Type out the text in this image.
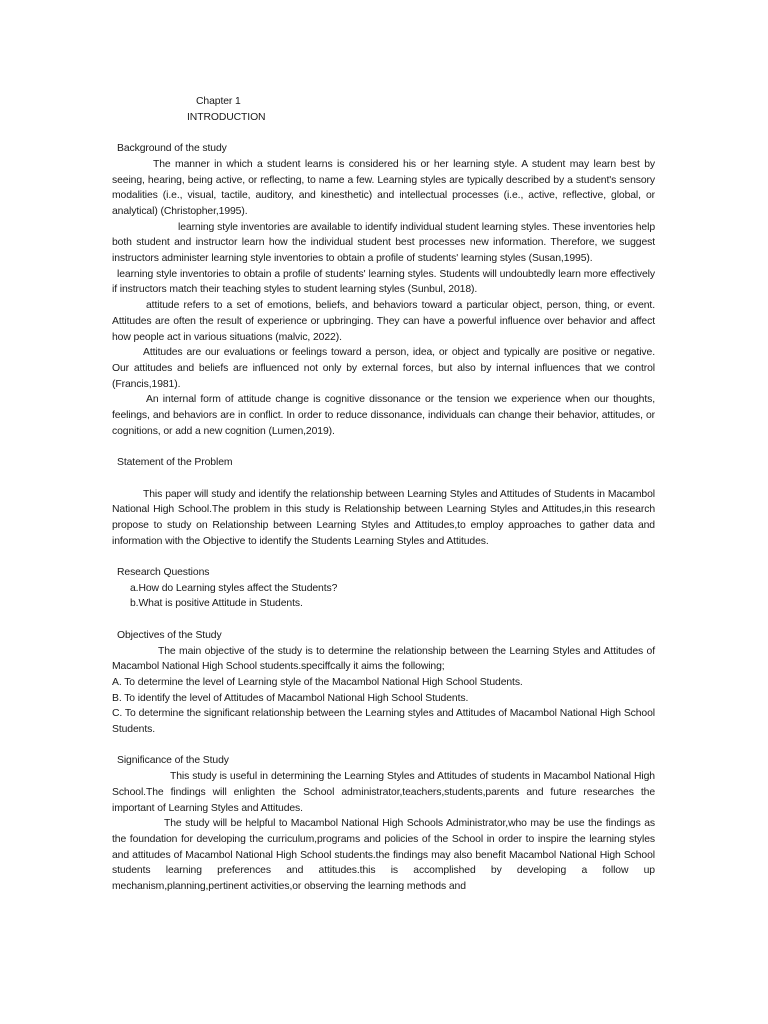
Chapter 1

INTRODUCTION

Background of the study

The manner in which a student learns is considered his or her learning style. A student may learn best by seeing, hearing, being active, or reflecting, to name a few. Learning styles are typically described by a student's sensory modalities (i.e., visual, tactile, auditory, and kinesthetic) and intellectual processes (i.e., active, reflective, global, or analytical) (Christopher,1995).

learning style inventories are available to identify individual student learning styles. These inventories help both student and instructor learn how the individual student best processes new information. Therefore, we suggest instructors administer learning style inventories to obtain a profile of students' learning styles (Susan,1995).

learning style inventories to obtain a profile of students' learning styles. Students will undoubtedly learn more effectively if instructors match their teaching styles to student learning styles (Sunbul, 2018).

attitude refers to a set of emotions, beliefs, and behaviors toward a particular object, person, thing, or event. Attitudes are often the result of experience or upbringing. They can have a powerful influence over behavior and affect how people act in various situations (malvic, 2022).

Attitudes are our evaluations or feelings toward a person, idea, or object and typically are positive or negative. Our attitudes and beliefs are influenced not only by external forces, but also by internal influences that we control (Francis,1981).

An internal form of attitude change is cognitive dissonance or the tension we experience when our thoughts, feelings, and behaviors are in conflict. In order to reduce dissonance, individuals can change their behavior, attitudes, or cognitions, or add a new cognition (Lumen,2019).

Statement of the Problem

This paper will study and identify the relationship between Learning Styles and Attitudes of Students in Macambol National High School.The problem in this study is Relationship between Learning Styles and Attitudes,in this research propose to study on Relationship between Learning Styles and Attitudes,to employ approaches to gather data and information with the Objective to identify the Students Learning Styles and Attitudes.

Research Questions

a.How do Learning styles affect the Students?

b.What is positive Attitude in Students.

Objectives of the Study

The main objective of the study is to determine the relationship between the Learning Styles and Attitudes of Macambol National High School students.speciffcally it aims the following;

A. To determine the level of Learning style of the Macambol National High School Students.

B. To identify the level of Attitudes of Macambol National High School Students.

C. To determine the significant relationship between the Learning styles and Attitudes of Macambol National High School Students.

Significance of the Study

This study is useful in determining the Learning Styles and Attitudes of students in Macambol National High School.The findings will enlighten the School administrator,teachers,students,parents and future researches the important of Learning Styles and Attitudes.

The study will be helpful to Macambol National High Schools Administrator,who may be use the findings as the foundation for developing the curriculum,programs and policies of the School in order to inspire the learning styles and attitudes of Macambol National High School students.the findings may also benefit Macambol National High School students learning preferences and attitudes.this is accomplished by developing a follow up mechanism,planning,pertinent activities,or observing the learning methods and
